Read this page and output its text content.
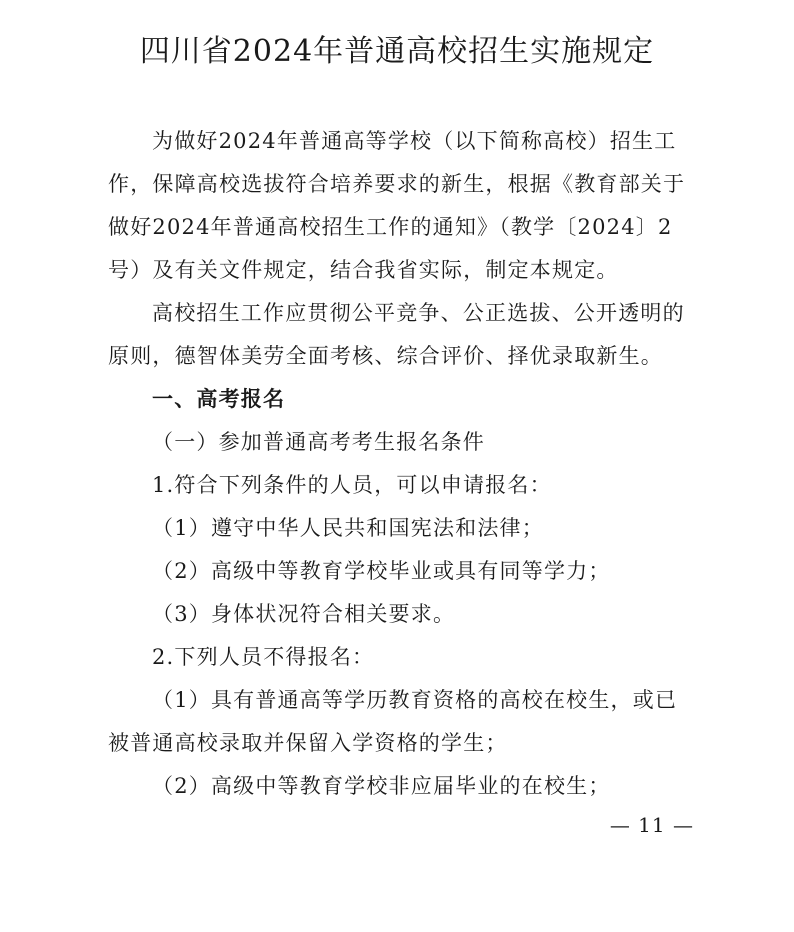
四川省2024年普通高校招生实施规定

为做好2024年普通高等学校（以下简称高校）招生工作，保障高校选拔符合培养要求的新生，根据《教育部关于做好2024年普通高校招生工作的通知》（教学〔2024〕2号）及有关文件规定，结合我省实际，制定本规定。

高校招生工作应贯彻公平竞争、公正选拔、公开透明的原则，德智体美劳全面考核、综合评价、择优录取新生。

一、高考报名

（一）参加普通高考考生报名条件

1.符合下列条件的人员，可以申请报名：

（1）遵守中华人民共和国宪法和法律；

（2）高级中等教育学校毕业或具有同等学力；

（3）身体状况符合相关要求。

2.下列人员不得报名：

（1）具有普通高等学历教育资格的高校在校生，或已被普通高校录取并保留入学资格的学生；

（2）高级中等教育学校非应届毕业的在校生；

— 11 —
